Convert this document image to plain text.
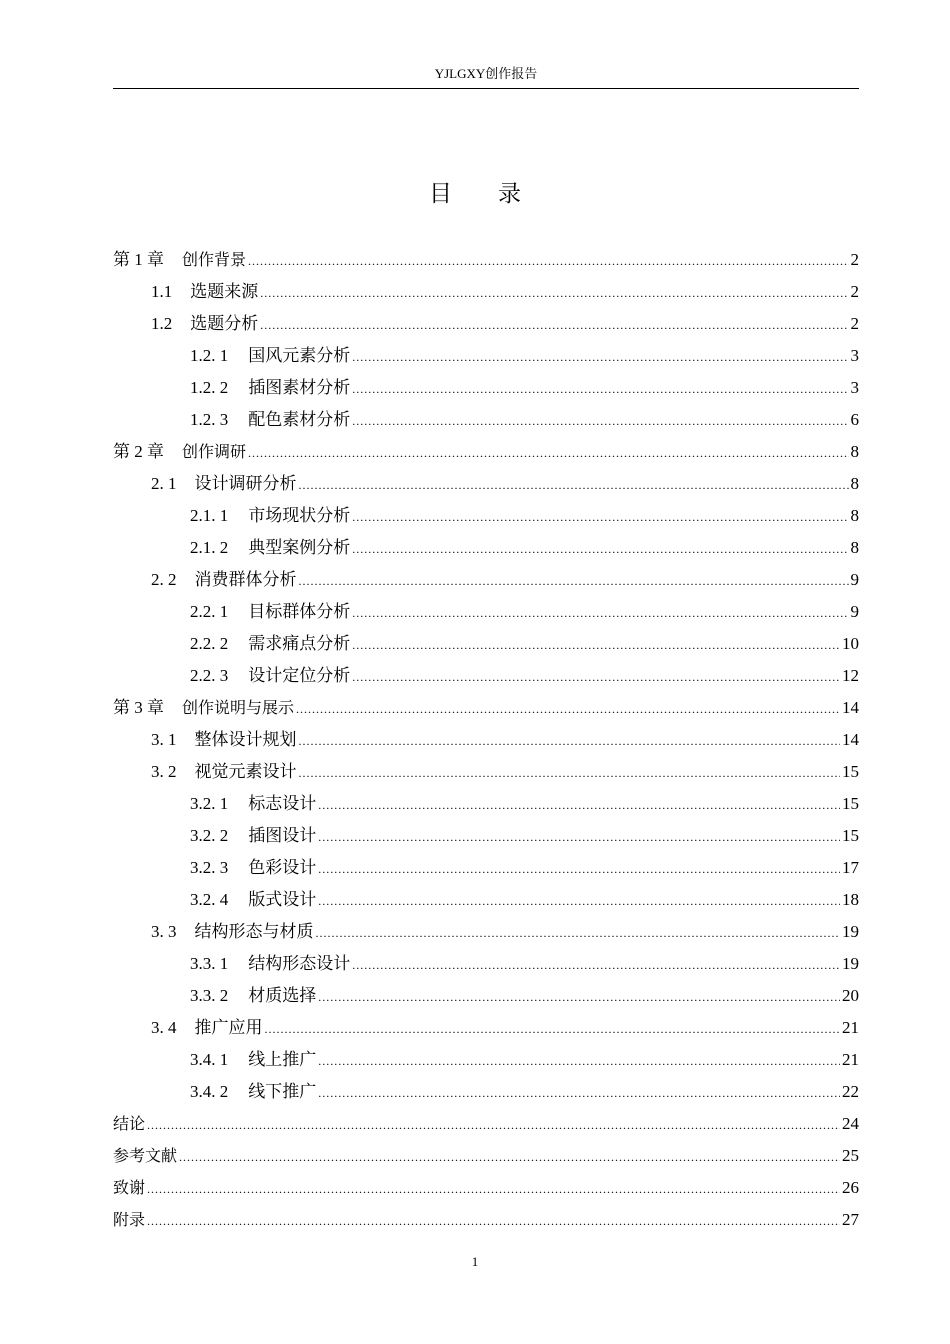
YJLGXY创作报告
目 录
第 1 章 创作背景 .....	2
1.1 选题来源 .....	2
1.2 选题分析 .....	2
1.2. 1 国风元素分析 .....	3
1.2. 2 插图素材分析 .....	3
1.2. 3 配色素材分析 .....	6
第 2 章 创作调研 .....	8
2. 1 设计调研分析 .....	8
2.1. 1 市场现状分析 .....	8
2.1. 2 典型案例分析 .....	8
2. 2 消费群体分析 .....	9
2.2. 1 目标群体分析 .....	9
2.2. 2 需求痛点分析 .....	10
2.2. 3 设计定位分析 .....	12
第 3 章 创作说明与展示 .....	14
3. 1 整体设计规划 .....	14
3. 2 视觉元素设计 .....	15
3.2. 1 标志设计 .....	15
3.2. 2 插图设计 .....	15
3.2. 3 色彩设计 .....	17
3.2. 4 版式设计 .....	18
3. 3 结构形态与材质 .....	19
3.3. 1 结构形态设计 .....	19
3.3. 2 材质选择 .....	20
3. 4 推广应用 .....	21
3.4. 1 线上推广 .....	21
3.4. 2 线下推广 .....	22
结论 .....	24
参考文献 .....	25
致谢 .....	26
附录 .....	27
1
